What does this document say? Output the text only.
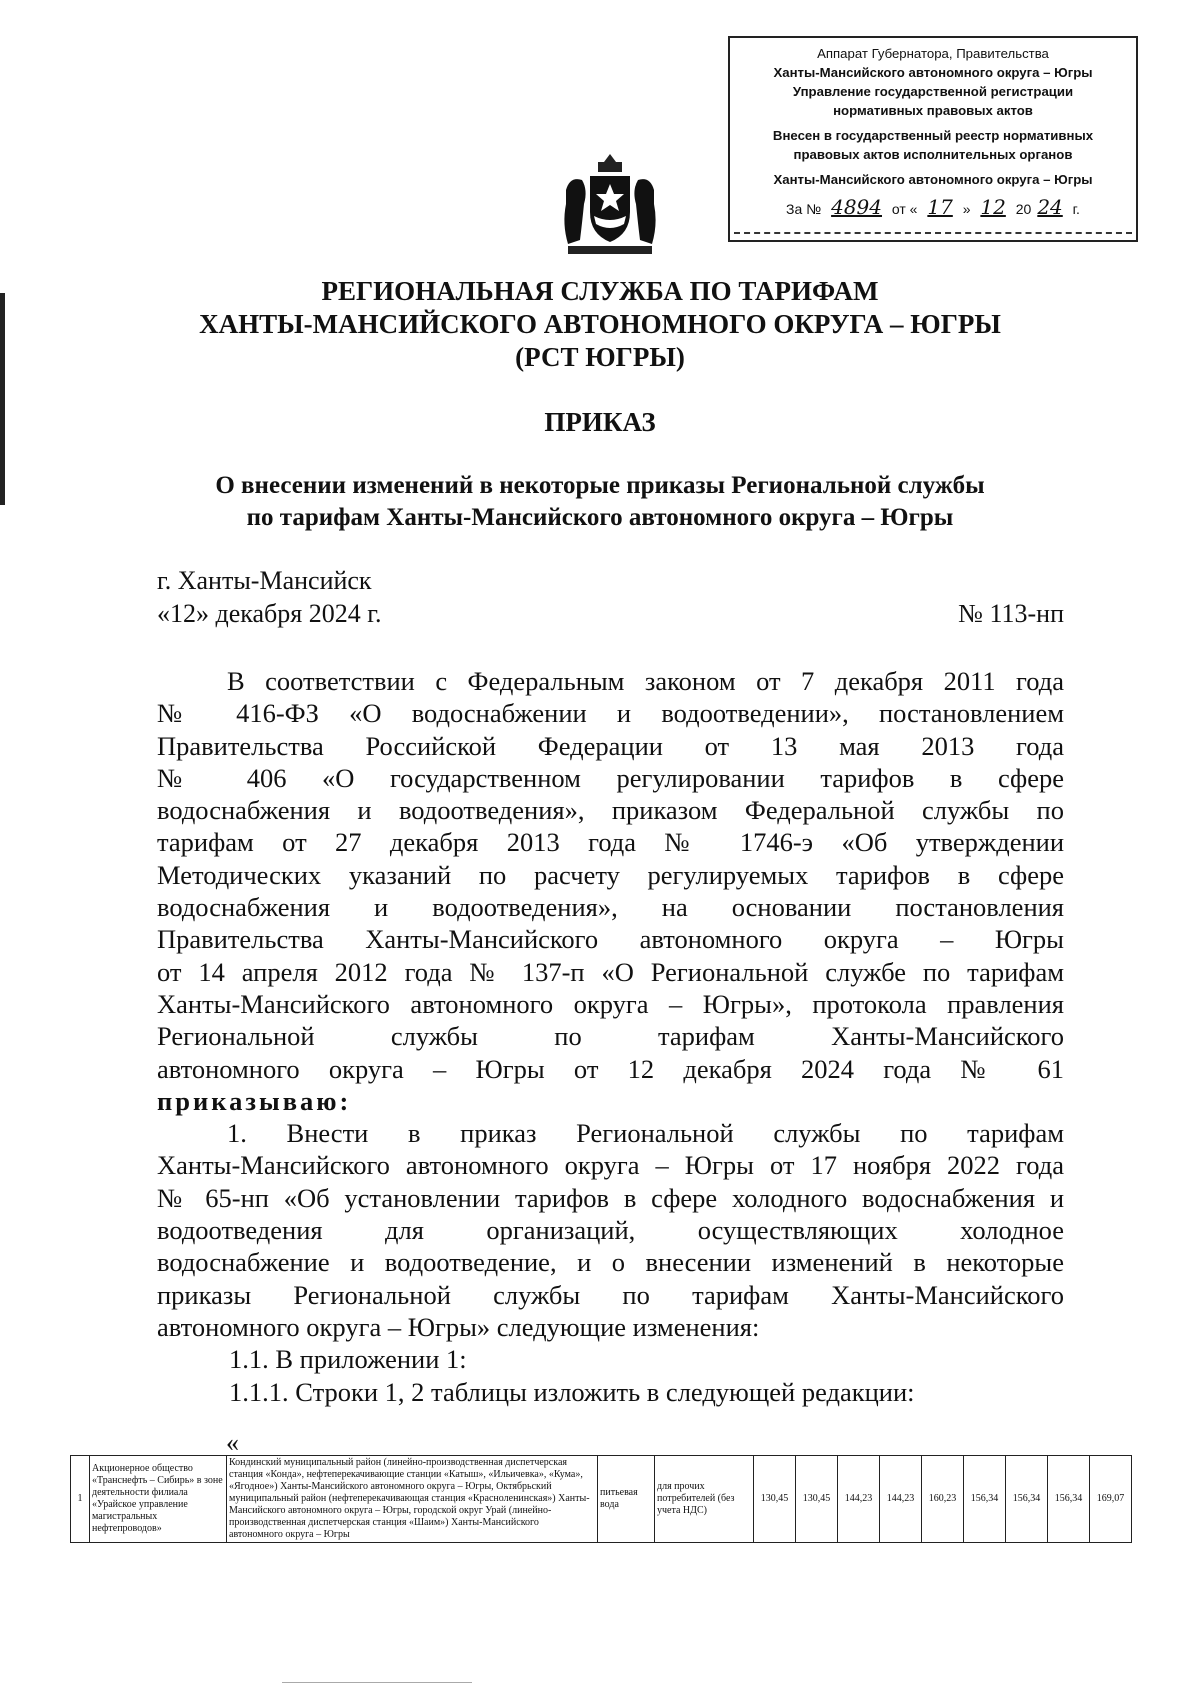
Аппарат Губернатора, Правительства
Ханты-Мансийского автономного округа – Югры
Управление государственной регистрации
нормативных правовых актов
Внесен в государственный реестр нормативных
правовых актов исполнительных органов
Ханты-Мансийского автономного округа – Югры
За № 4894 от « 17 » 12 20 24 г.
РЕГИОНАЛЬНАЯ СЛУЖБА ПО ТАРИФАМ
ХАНТЫ-МАНСИЙСКОГО АВТОНОМНОГО ОКРУГА – ЮГРЫ
(РСТ ЮГРЫ)
ПРИКАЗ
О внесении изменений в некоторые приказы Региональной службы
по тарифам Ханты-Мансийского автономного округа – Югры
г. Ханты-Мансийск
«12» декабря 2024 г.	№ 113-нп
В соответствии с Федеральным законом от 7 декабря 2011 года
№ 416-ФЗ «О водоснабжении и водоотведении», постановлением
Правительства Российской Федерации от 13 мая 2013 года
№ 406 «О государственном регулировании тарифов в сфере
водоснабжения и водоотведения», приказом Федеральной службы по
тарифам от 27 декабря 2013 года № 1746-э «Об утверждении
Методических указаний по расчету регулируемых тарифов в сфере
водоснабжения и водоотведения», на основании постановления
Правительства Ханты-Мансийского автономного округа – Югры
от 14 апреля 2012 года № 137-п «О Региональной службе по тарифам
Ханты-Мансийского автономного округа – Югры», протокола правления
Региональной службы по тарифам Ханты-Мансийского
автономного округа – Югры от 12 декабря 2024 года № 61
приказываю:
1. Внести в приказ Региональной службы по тарифам
Ханты-Мансийского автономного округа – Югры от 17 ноября 2022 года
№ 65-нп «Об установлении тарифов в сфере холодного водоснабжения и
водоотведения для организаций, осуществляющих холодное
водоснабжение и водоотведение, и о внесении изменений в некоторые
приказы Региональной службы по тарифам Ханты-Мансийского
автономного округа – Югры» следующие изменения:
1.1. В приложении 1:
1.1.1. Строки 1, 2 таблицы изложить в следующей редакции:
«
1	Акционерное общество «Транснефть – Сибирь» в зоне деятельности филиала «Урайское управление магистральных нефтепроводов»	Кондинский муниципальный район (линейно-производственная диспетчерская станция «Конда», нефтеперекачивающие станции «Катыш», «Ильичевка», «Кума», «Ягодное») Ханты-Мансийского автономного округа – Югры, Октябрьский муниципальный район (нефтеперекачивающая станция «Красноленинская») Ханты-Мансийского автономного округа – Югры, городской округ Урай (линейно-производственная диспетчерская станция «Шаим») Ханты-Мансийского автономного округа – Югры	питьевая вода	для прочих потребителей (без учета НДС)	130,45	130,45	144,23	144,23	160,23	156,34	156,34	156,34	169,07
